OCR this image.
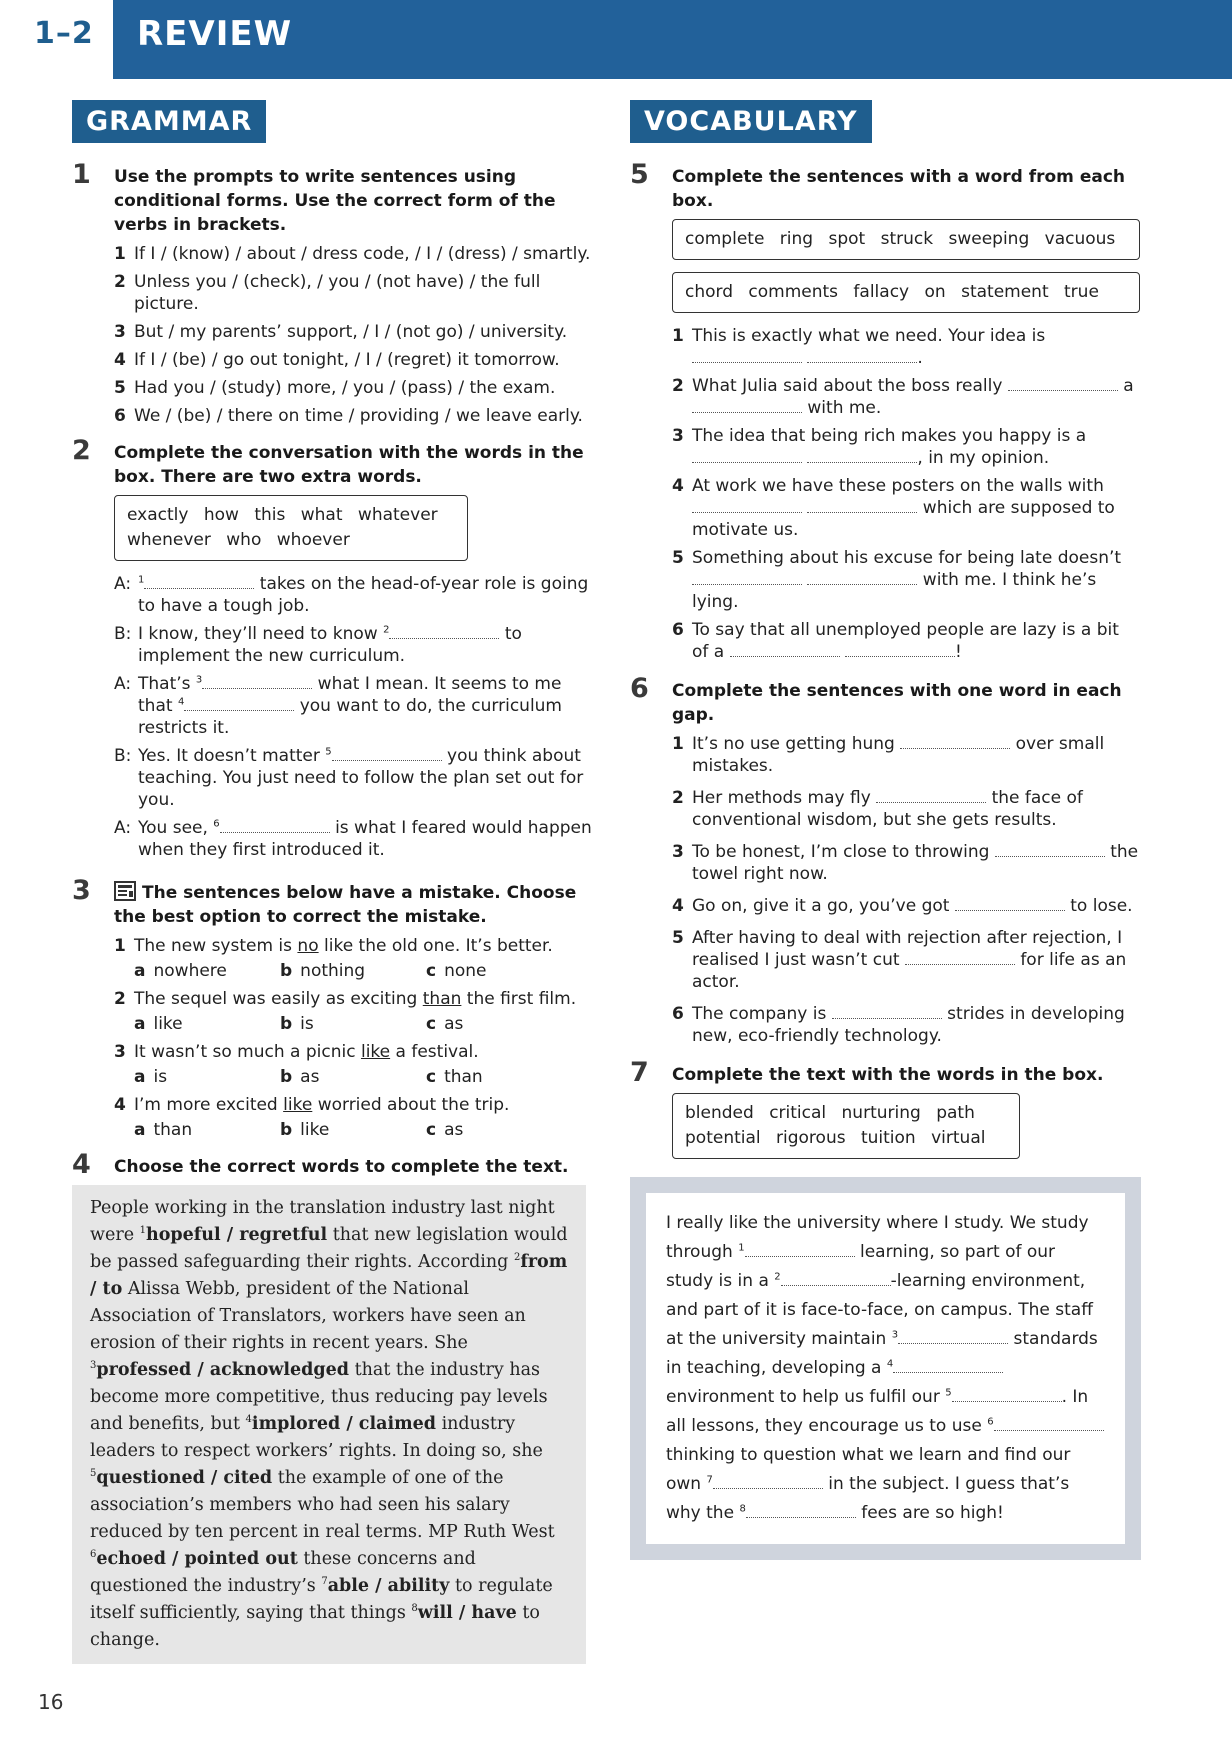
1–2 REVIEW
GRAMMAR
1 Use the prompts to write sentences using conditional forms. Use the correct form of the verbs in brackets.
1 If I / (know) / about / dress code, / I / (dress) / smartly.
2 Unless you / (check), / you / (not have) / the full picture.
3 But / my parents’ support, / I / (not go) / university.
4 If I / (be) / go out tonight, / I / (regret) it tomorrow.
5 Had you / (study) more, / you / (pass) / the exam.
6 We / (be) / there on time / providing / we leave early.
2 Complete the conversation with the words in the box. There are two extra words.
exactly how this what whatever
whenever who whoever
A: $^1$	takes on the head-of-year role is going to have a tough job.
B: I know, they’ll need to know $^2$	to implement the new curriculum.
A: That’s $^3$	what I mean. It seems to me that $^4$	you want to do, the curriculum restricts it.
B: Yes. It doesn’t matter $^5$	you think about teaching. You just need to follow the plan set out for you.
A: You see, $^6$	is what I feared would happen when they first introduced it.
3	The sentences below have a mistake. Choose the best option to correct the mistake.
1 The new system is no like the old one. It’s better.
a nowhere	b nothing	c none
2 The sequel was easily as exciting than the first film.
a like	b is	c as
3 It wasn’t so much a picnic like a festival.
a is	b as	c than
4 I’m more excited like worried about the trip.
a than	b like	c as
4 Choose the correct words to complete the text.
People working in the translation industry last night were $^1$hopeful / regretful that new legislation would be passed safeguarding their rights. According $^2$from / to Alissa Webb, president of the National Association of Translators, workers have seen an erosion of their rights in recent years. She $^3$professed / acknowledged that the industry has become more competitive, thus reducing pay levels and benefits, but $^4$implored / claimed industry leaders to respect workers’ rights. In doing so, she $^5$questioned / cited the example of one of the association’s members who had seen his salary reduced by ten percent in real terms. MP Ruth West $^6$echoed / pointed out these concerns and questioned the industry’s $^7$able / ability to regulate itself sufficiently, saying that things $^8$will / have to change.
VOCABULARY
5 Complete the sentences with a word from each box.
complete ring spot struck sweeping vacuous
chord comments fallacy on statement true
1 This is exactly what we need. Your idea is  .
2 What Julia said about the boss really	a  with me.
3 The idea that being rich makes you happy is a  , in my opinion.
4 At work we have these posters on the walls with   which are supposed to motivate us.
5 Something about his excuse for being late doesn’t   with me. I think he’s lying.
6 To say that all unemployed people are lazy is a bit of a	!
6 Complete the sentences with one word in each gap.
1 It’s no use getting hung	over small mistakes.
2 Her methods may fly	the face of conventional wisdom, but she gets results.
3 To be honest, I’m close to throwing	the towel right now.
4 Go on, give it a go, you’ve got	to lose.
5 After having to deal with rejection after rejection, I realised I just wasn’t cut	for life as an actor.
6 The company is	strides in developing new, eco-friendly technology.
7 Complete the text with the words in the box.
blended critical nurturing path
potential rigorous tuition virtual
I really like the university where I study. We study through $^1$	learning, so part of our study is in a $^2$	-learning environment, and part of it is face-to-face, on campus. The staff at the university maintain $^3$	standards in teaching, developing a $^4$ environment to help us fulfil our $^5$	. In all lessons, they encourage us to use $^6$ thinking to question what we learn and find our own $^7$	in the subject. I guess that’s why the $^8$	fees are so high!
16
